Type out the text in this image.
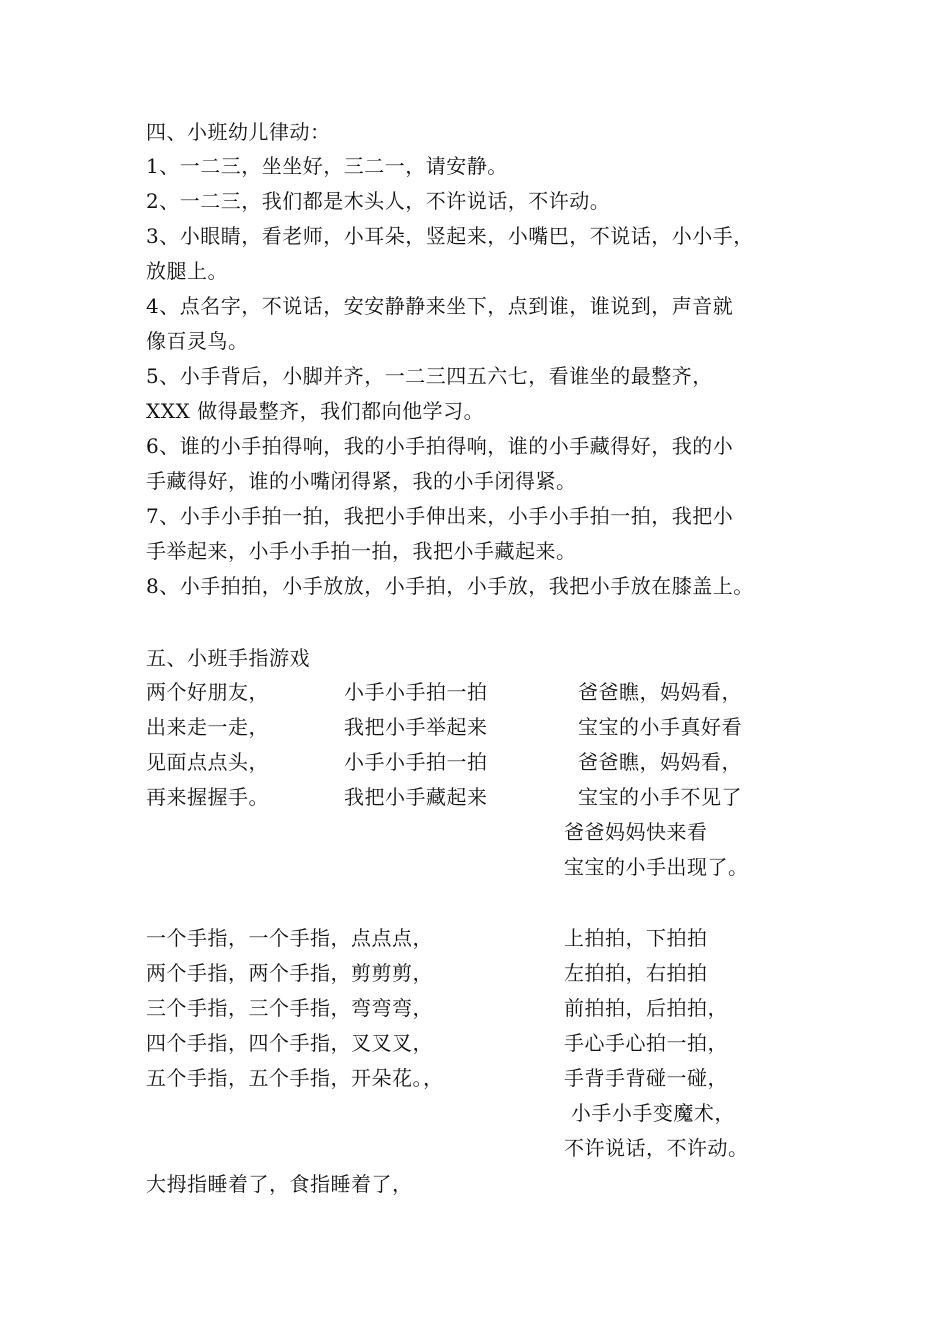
四、小班幼儿律动：
1、一二三，坐坐好，三二一，请安静。
2、一二三，我们都是木头人，不许说话，不许动。
3、小眼睛，看老师，小耳朵，竖起来，小嘴巴，不说话，小小手，
放腿上。
4、点名字，不说话，安安静静来坐下，点到谁，谁说到，声音就
像百灵鸟。
5、小手背后，小脚并齐，一二三四五六七，看谁坐的最整齐，
XXX 做得最整齐，我们都向他学习。
6、谁的小手拍得响，我的小手拍得响，谁的小手藏得好，我的小
手藏得好，谁的小嘴闭得紧，我的小手闭得紧。
7、小手小手拍一拍，我把小手伸出来，小手小手拍一拍，我把小
手举起来，小手小手拍一拍，我把小手藏起来。
8、小手拍拍，小手放放，小手拍，小手放，我把小手放在膝盖上。
五、小班手指游戏
两个好朋友，
出来走一走，
见面点点头，
再来握握手。
小手小手拍一拍
我把小手举起来
小手小手拍一拍
我把小手藏起来
爸爸瞧，妈妈看，
宝宝的小手真好看
爸爸瞧，妈妈看，
宝宝的小手不见了
爸爸妈妈快来看
宝宝的小手出现了。
一个手指，一个手指，点点点，
两个手指，两个手指，剪剪剪，
三个手指，三个手指，弯弯弯，
四个手指，四个手指，叉叉叉，
五个手指，五个手指，开朵花。，
上拍拍，下拍拍
左拍拍，右拍拍
前拍拍，后拍拍，
手心手心拍一拍，
手背手背碰一碰，
小手小手变魔术，
不许说话，不许动。
大拇指睡着了，食指睡着了，
